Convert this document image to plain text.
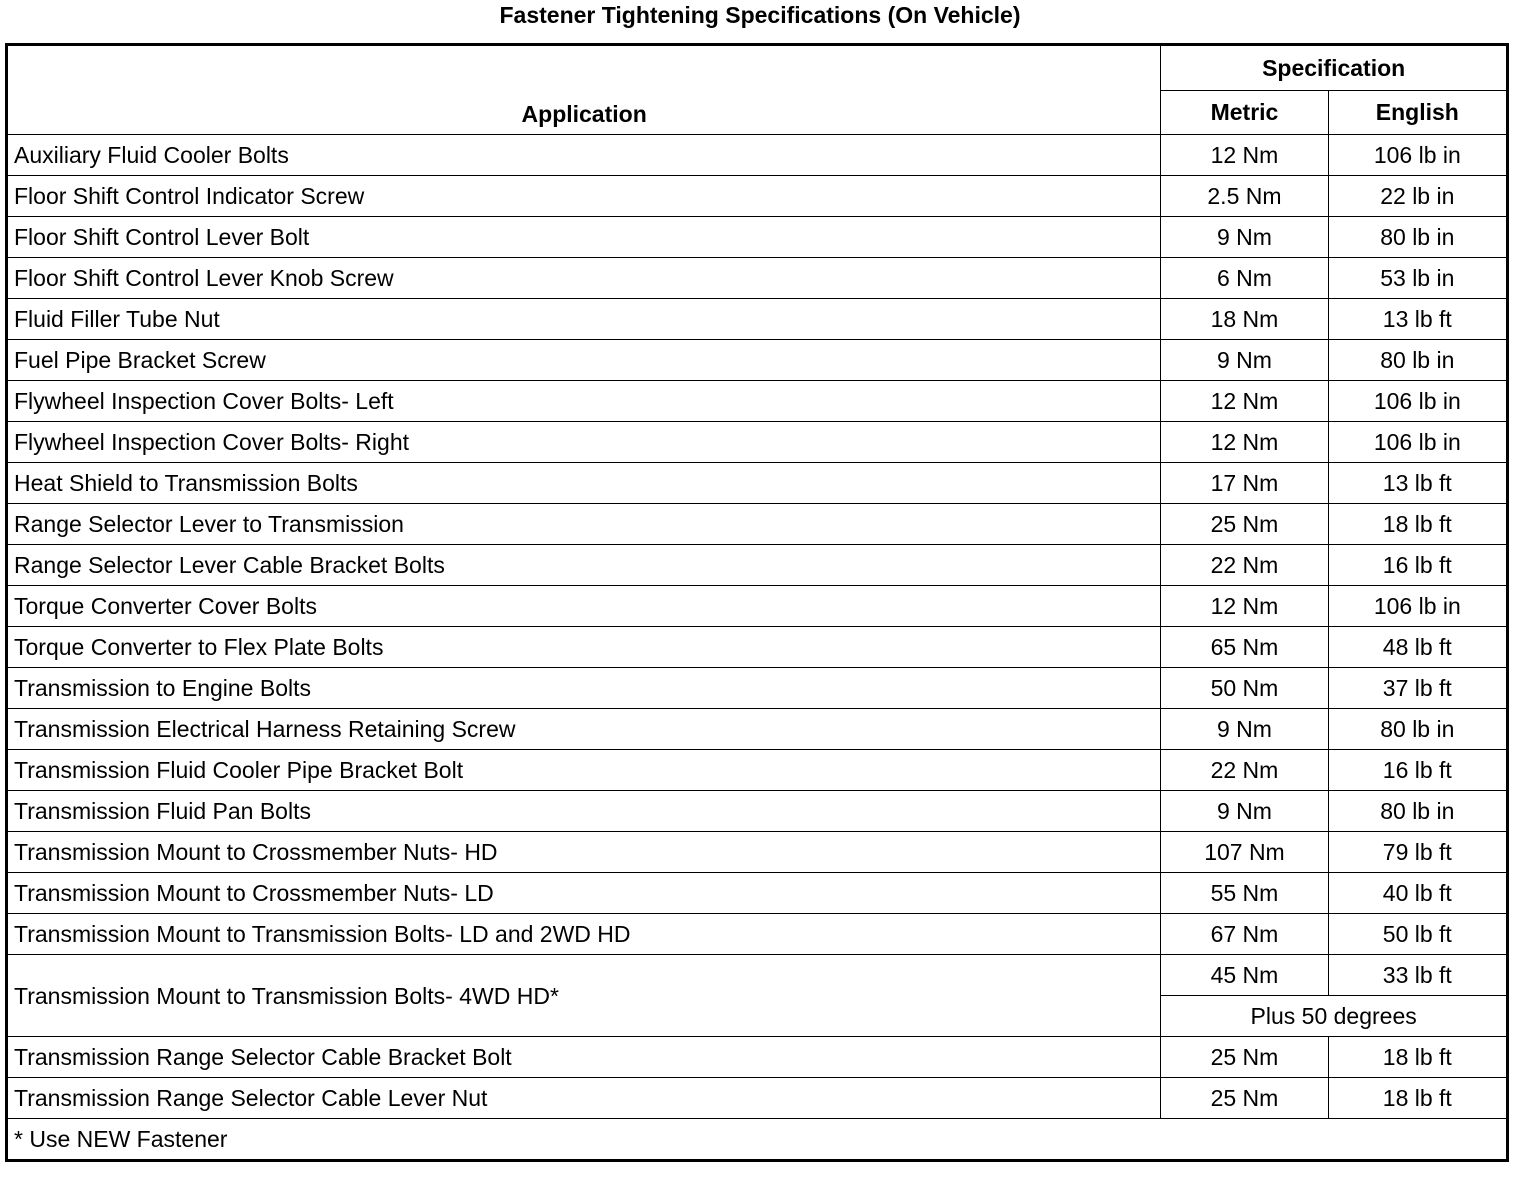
Fastener Tightening Specifications (On Vehicle)
Application	Specification	
	Metric	English
Auxiliary Fluid Cooler Bolts	12 Nm	106 lb in
Floor Shift Control Indicator Screw	2.5 Nm	22 lb in
Floor Shift Control Lever Bolt	9 Nm	80 lb in
Floor Shift Control Lever Knob Screw	6 Nm	53 lb in
Fluid Filler Tube Nut	18 Nm	13 lb ft
Fuel Pipe Bracket Screw	9 Nm	80 lb in
Flywheel Inspection Cover Bolts- Left	12 Nm	106 lb in
Flywheel Inspection Cover Bolts- Right	12 Nm	106 lb in
Heat Shield to Transmission Bolts	17 Nm	13 lb ft
Range Selector Lever to Transmission	25 Nm	18 lb ft
Range Selector Lever Cable Bracket Bolts	22 Nm	16 lb ft
Torque Converter Cover Bolts	12 Nm	106 lb in
Torque Converter to Flex Plate Bolts	65 Nm	48 lb ft
Transmission to Engine Bolts	50 Nm	37 lb ft
Transmission Electrical Harness Retaining Screw	9 Nm	80 lb in
Transmission Fluid Cooler Pipe Bracket Bolt	22 Nm	16 lb ft
Transmission Fluid Pan Bolts	9 Nm	80 lb in
Transmission Mount to Crossmember Nuts- HD	107 Nm	79 lb ft
Transmission Mount to Crossmember Nuts- LD	55 Nm	40 lb ft
Transmission Mount to Transmission Bolts- LD and 2WD HD	67 Nm	50 lb ft
Transmission Mount to Transmission Bolts- 4WD HD*	45 Nm	33 lb ft
	Plus 50 degrees	
Transmission Range Selector Cable Bracket Bolt	25 Nm	18 lb ft
Transmission Range Selector Cable Lever Nut	25 Nm	18 lb ft
* Use NEW Fastener		
